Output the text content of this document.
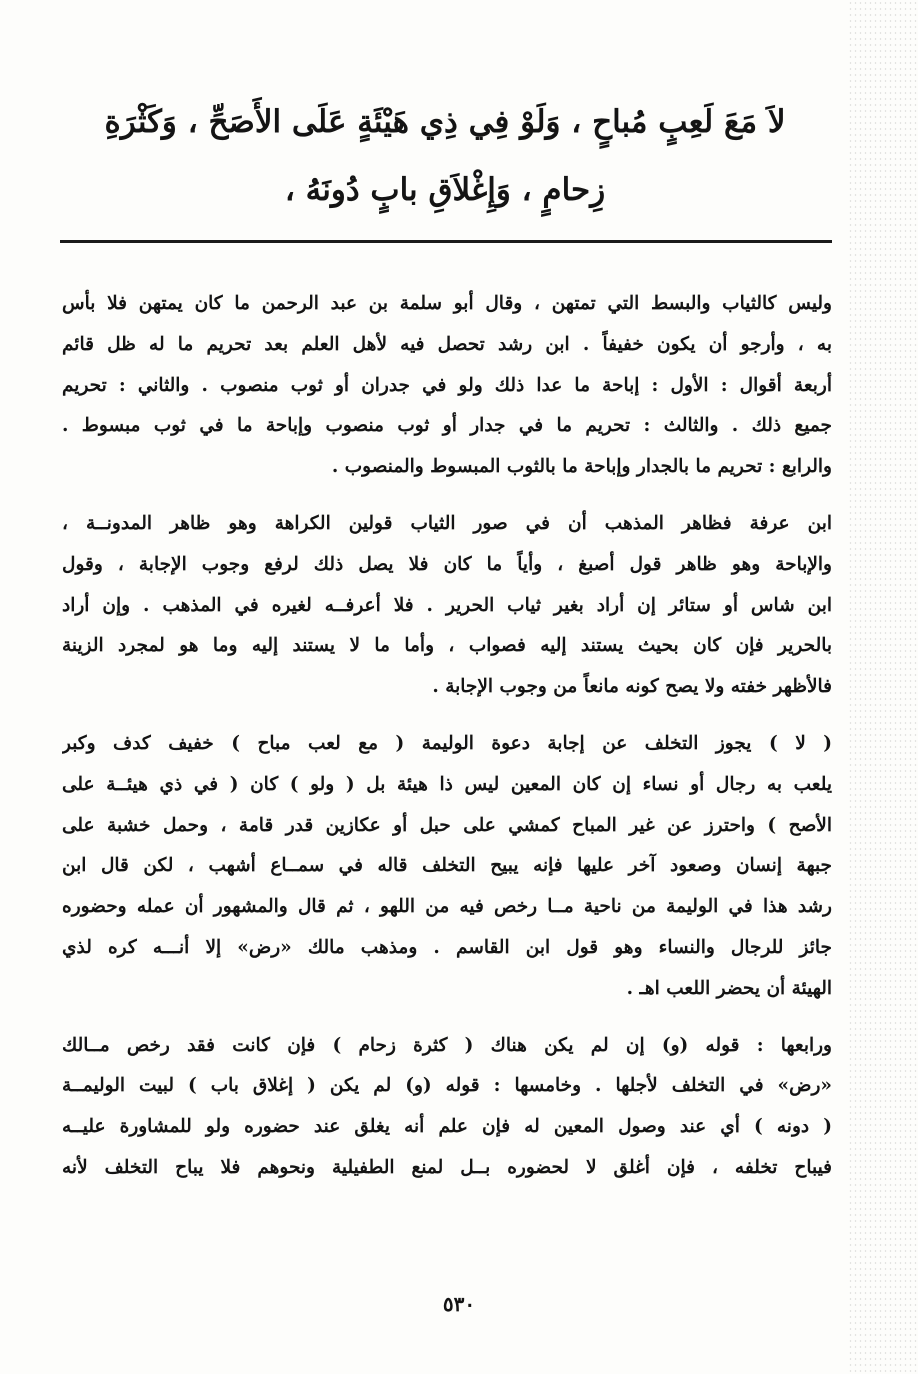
لاَ مَعَ لَعِبٍ مُباحٍ ، وَلَوْ فِي ذِي هَيْئَةٍ عَلَى الأَصَحِّ ، وَكَثْرَةِ

زِحامٍ ، وَإِغْلاَقِ بابٍ دُونَهُ ،

وليس كالثياب والبسط التي تمتهن ، وقال أبو سلمة بن عبد الرحمن ما كان يمتهن فلا بأس
به ، وأرجو أن يكون خفيفاً . ابن رشد تحصل فيه لأهل العلم بعد تحريم ما له ظل قائم
أربعة أقوال : الأول : إباحة ما عدا ذلك ولو في جدران أو ثوب منصوب . والثاني : تحريم
جميع ذلك . والثالث : تحريم ما في جدار أو ثوب منصوب وإباحة ما في ثوب مبسوط .
والرابع : تحريم ما بالجدار وإباحة ما بالثوب المبسوط والمنصوب .
ابن عرفة فظاهر المذهب أن في صور الثياب قولين الكراهة وهو ظاهر المدونــة ،
والإباحة وهو ظاهر قول أصبغ ، وأياً ما كان فلا يصل ذلك لرفع وجوب الإجابة ، وقول
ابن شاس أو ستائر إن أراد بغير ثياب الحرير . فلا أعرفــه لغيره في المذهب . وإن أراد
بالحرير فإن كان بحيث يستند إليه فصواب ، وأما ما لا يستند إليه وما هو لمجرد الزينة
فالأظهر خفته ولا يصح كونه مانعاً من وجوب الإجابة .
( لا ) يجوز التخلف عن إجابة دعوة الوليمة ( مع لعب مباح ) خفيف كدف وكبر
يلعب به رجال أو نساء إن كان المعين ليس ذا هيئة بل ( ولو ) كان ( في ذي هيئــة على
الأصح ) واحترز عن غير المباح كمشي على حبل أو عكازين قدر قامة ، وحمل خشبة على
جبهة إنسان وصعود آخر عليها فإنه يبيح التخلف قاله في سمــاع أشهب ، لكن قال ابن
رشد هذا في الوليمة من ناحية مــا رخص فيه من اللهو ، ثم قال والمشهور أن عمله وحضوره
جائز للرجال والنساء وهو قول ابن القاسم . ومذهب مالك «رض» إلا أنـــه كره لذي
الهيئة أن يحضر اللعب اهـ .
ورابعها : قوله (و) إن لم يكن هناك ( كثرة زحام ) فإن كانت فقد رخص مــالك
«رض» في التخلف لأجلها . وخامسها : قوله (و) لم يكن ( إغلاق باب ) لبيت الوليمــة
( دونه ) أي عند وصول المعين له فإن علم أنه يغلق عند حضوره ولو للمشاورة عليــه
فيباح تخلفه ، فإن أغلق لا لحضوره بــل لمنع الطفيلية ونحوهم فلا يباح التخلف لأنه
٥٣٠
